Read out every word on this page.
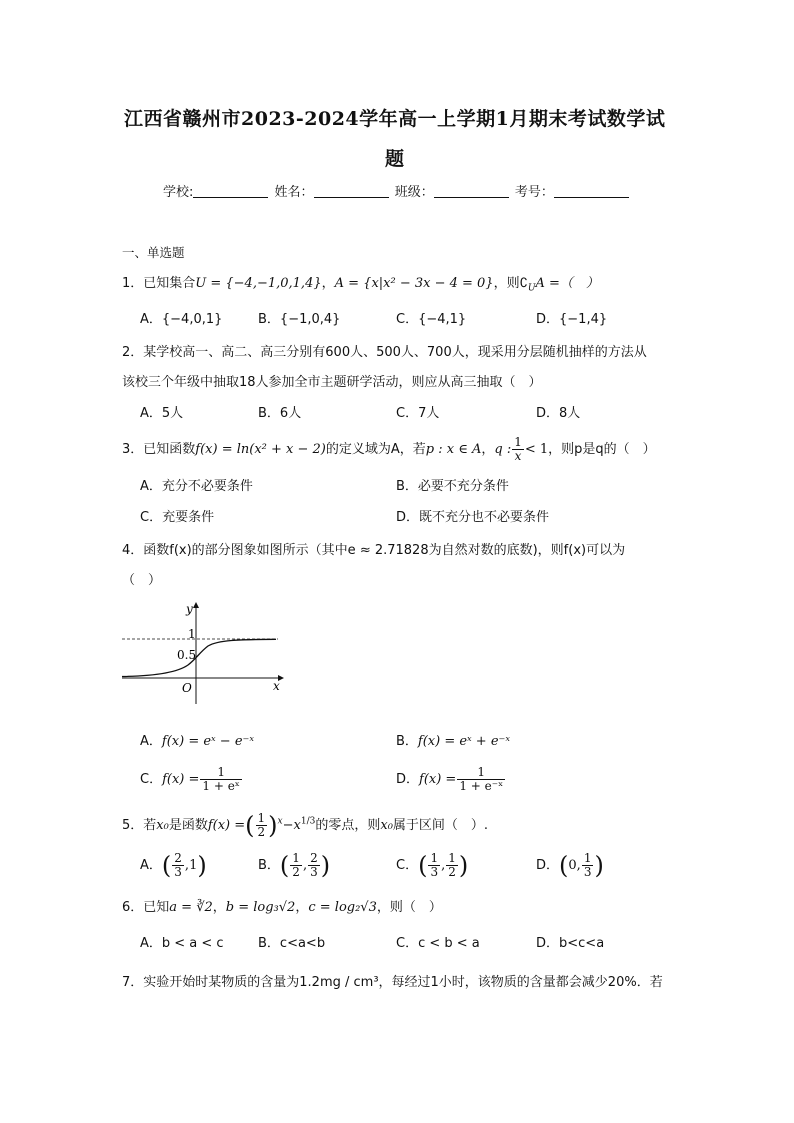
江西省赣州市2023-2024学年高一上学期1月期末考试数学试
题
学校:	姓名：	班级：	考号：
一、单选题
1．已知集合U = {−4,−1,0,1,4}，A = {x|x² − 3x − 4 = 0}，则$∁_UA$ =（　）
A．{−4,0,1}	B．{−1,0,4}	C．{−4,1}	D．{−1,4}
2．某学校高一、高二、高三分别有600人、500人、700人，现采用分层随机抽样的方法从
该校三个年级中抽取18人参加全市主题研学活动，则应从高三抽取（　）
A．5人	B．6人	C．7人	D．8人
3．已知函数f(x) = ln(x² + x − 2)的定义域为A，若p : x ∈ A，q : $\frac{1}{x} < 1$，则p是q的（　）
A．充分不必要条件	B．必要不充分条件
C．充要条件	D．既不充分也不必要条件
4．函数f(x)的部分图象如图所示（其中e ≈ 2.71828为自然对数的底数)，则f(x)可以为
（　）
y
x
O
1
0.5
A．f(x) = eˣ − e⁻ˣ	B．f(x) = eˣ + e⁻ˣ
C．$f(x) = \frac{1}{\text{1 + eˣ}}$	D．$f(x) = \frac{1}{\text{1 + e⁻ˣ}}$
5．若x₀是函数f(x) =( $\frac{1}{2} )^x-x^{1/3}$的零点，则x₀属于区间（　）.
A．( $\frac{2}{3} ,1$)	B．( $\frac{1}{2}$ , $\frac{2}{3}$ )	C．( $\frac{1}{3}$ , $\frac{1}{2}$ )	D．(0, $\frac{1}{3}$ )
6．已知a = ∛2，b = log₃√2，c = log₂√3，则（　）
A．b < a < c	B．c<a<b	C．c < b < a	D．b<c<a
7．实验开始时某物质的含量为1.2mg / cm³，每经过1小时，该物质的含量都会减少20%．若
